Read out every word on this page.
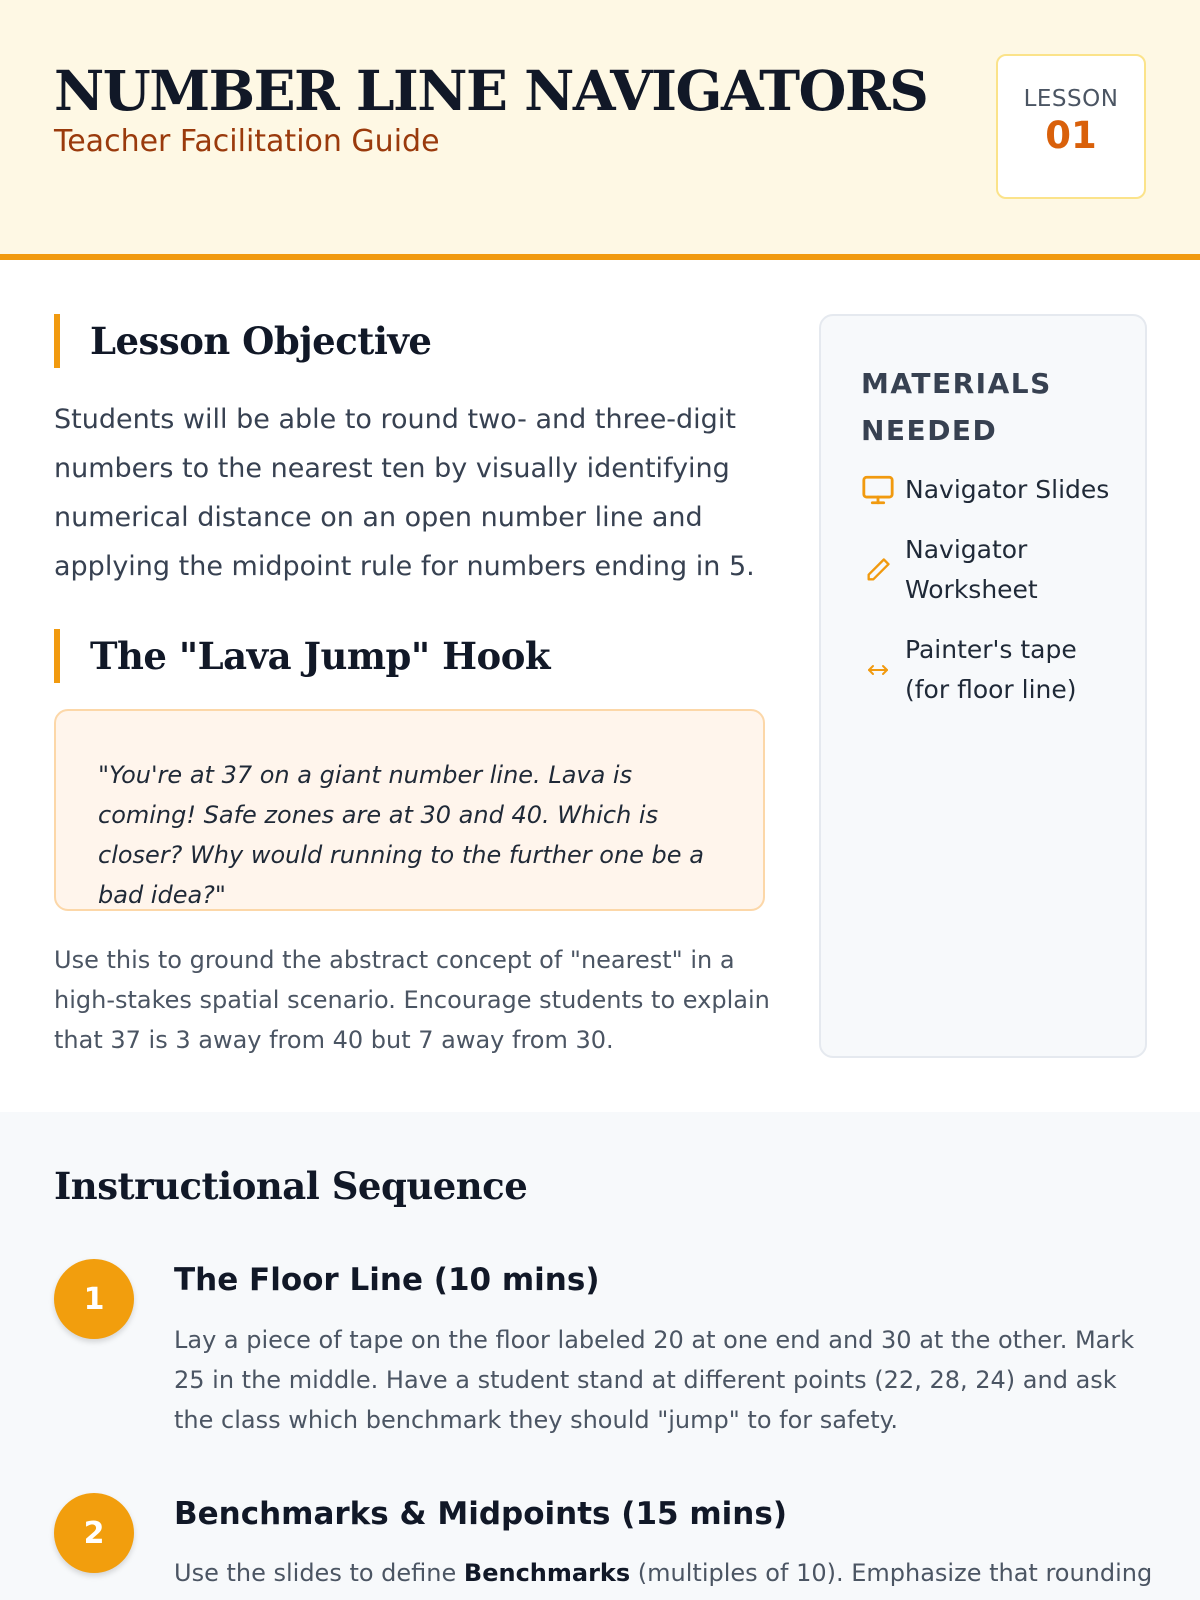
NUMBER LINE NAVIGATORS
Teacher Facilitation Guide
LESSON
01
Lesson Objective

Students will be able to round two- and three-digit numbers to the nearest ten by visually identifying numerical distance on an open number line and applying the midpoint rule for numbers ending in 5.

The "Lava Jump" Hook

"You're at 37 on a giant number line. Lava is coming! Safe zones are at 30 and 40. Which is closer? Why would running to the further one be a bad idea?"

Use this to ground the abstract concept of "nearest" in a high-stakes spatial scenario. Encourage students to explain that 37 is 3 away from 40 but 7 away from 30.

MATERIALS NEEDED
Navigator Slides
Navigator Worksheet
Painter's tape (for floor line)
Instructional Sequence
1
The Floor Line (10 mins)

Lay a piece of tape on the floor labeled 20 at one end and 30 at the other. Mark 25 in the middle. Have a student stand at different points (22, 28, 24) and ask the class which benchmark they should "jump" to for safety.

2
Benchmarks & Midpoints (15 mins)

Use the slides to define Benchmarks (multiples of 10). Emphasize that rounding
